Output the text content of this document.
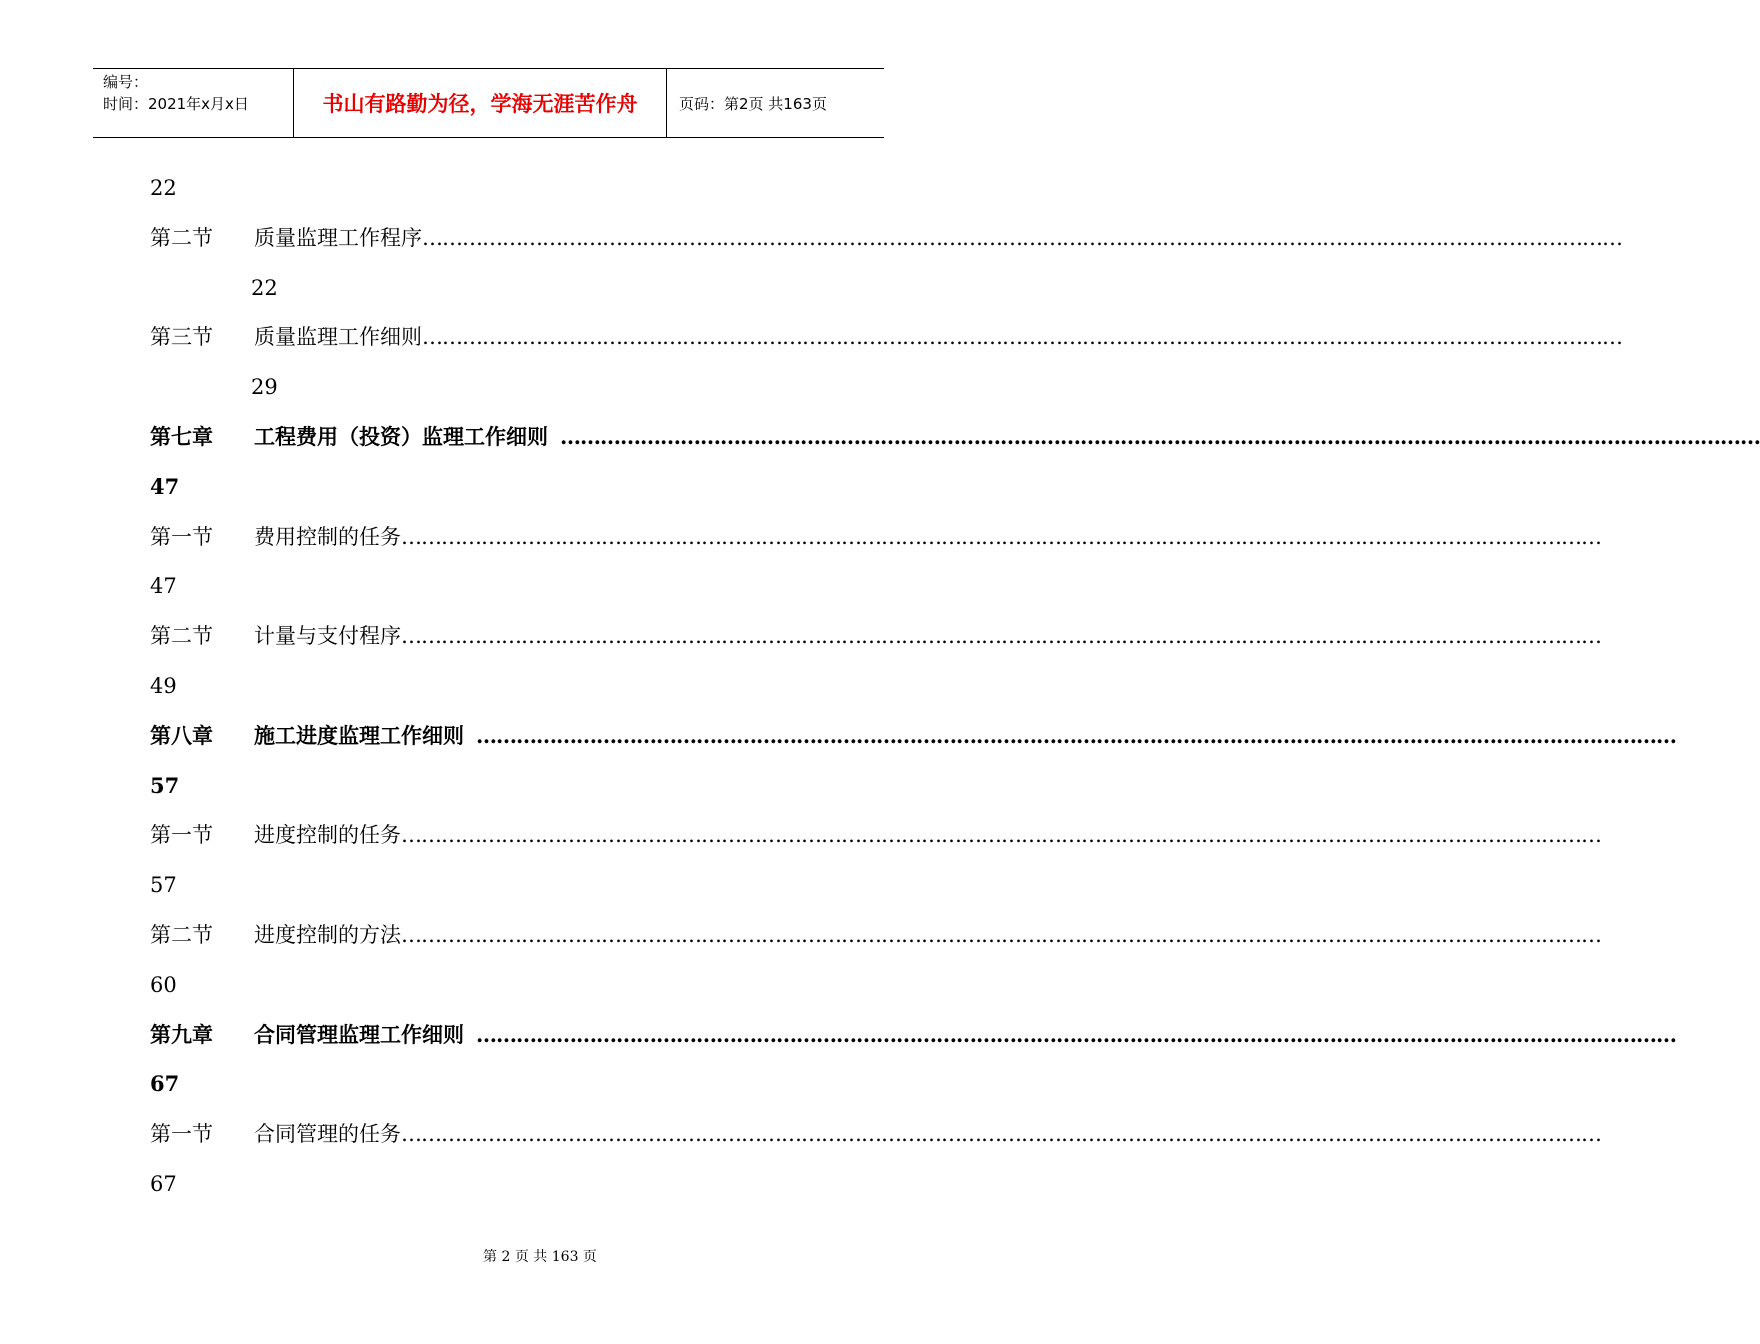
编号：
时间：2021年x月x日	书山有路勤为径，学海无涯苦作舟	页码：第2页 共163页
22
第二节	质量监理工作程序 ………………………………………………………………………………………………………………………………………………………………
22
第三节	质量监理工作细则 ………………………………………………………………………………………………………………………………………………………………
29
第七章	工程费用（投资）监理工作细则 ………………………………………………………………………………………………………………………………………………………………
47
第一节	费用控制的任务 ………………………………………………………………………………………………………………………………………………………………
47
第二节	计量与支付程序 ………………………………………………………………………………………………………………………………………………………………
49
第八章	施工进度监理工作细则 ………………………………………………………………………………………………………………………………………………………………
57
第一节	进度控制的任务 ………………………………………………………………………………………………………………………………………………………………
57
第二节	进度控制的方法 ………………………………………………………………………………………………………………………………………………………………
60
第九章	合同管理监理工作细则 ………………………………………………………………………………………………………………………………………………………………
67
第一节	合同管理的任务 ………………………………………………………………………………………………………………………………………………………………
67
第 2 页 共 163 页
